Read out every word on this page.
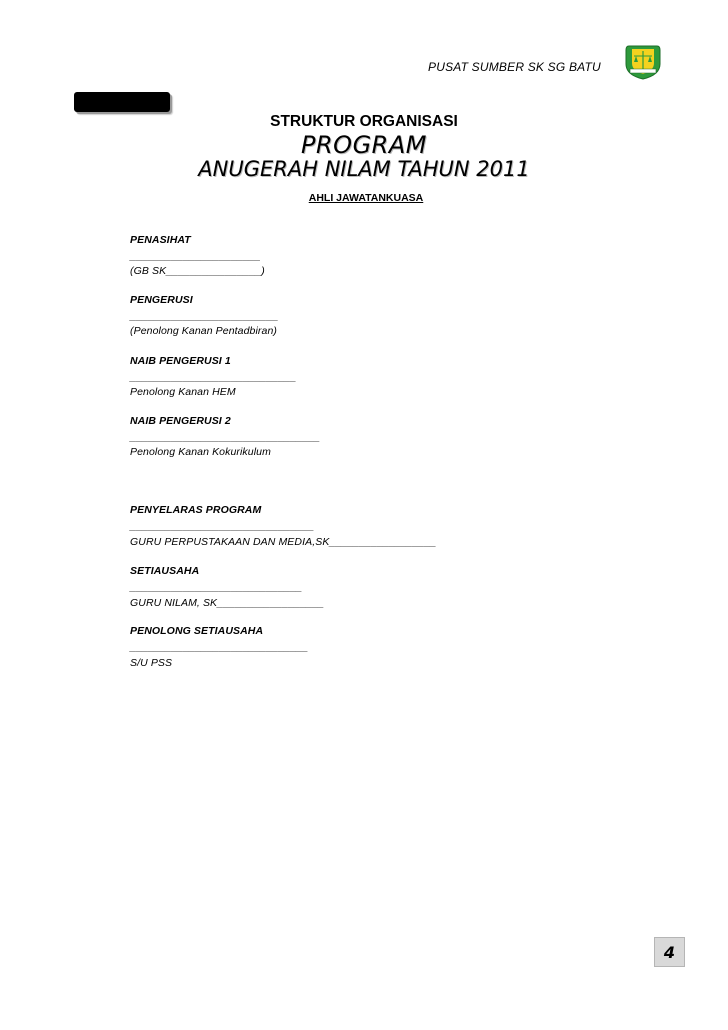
PUSAT SUMBER SK SG BATU
STRUKTUR ORGANISASI
PROGRAM
ANUGERAH NILAM TAHUN 2011
AHLI JAWATANKUASA
PENASIHAT
______________________
(GB SK________________)
PENGERUSI
_________________________
(Penolong Kanan Pentadbiran)
NAIB PENGERUSI 1
____________________________
Penolong Kanan HEM
NAIB PENGERUSI 2
________________________________
Penolong Kanan Kokurikulum
PENYELARAS PROGRAM
_______________________________
GURU PERPUSTAKAAN DAN MEDIA,SK__________________
SETIAUSAHA
_____________________________
GURU NILAM, SK__________________
PENOLONG SETIAUSAHA
______________________________
S/U PSS
4
